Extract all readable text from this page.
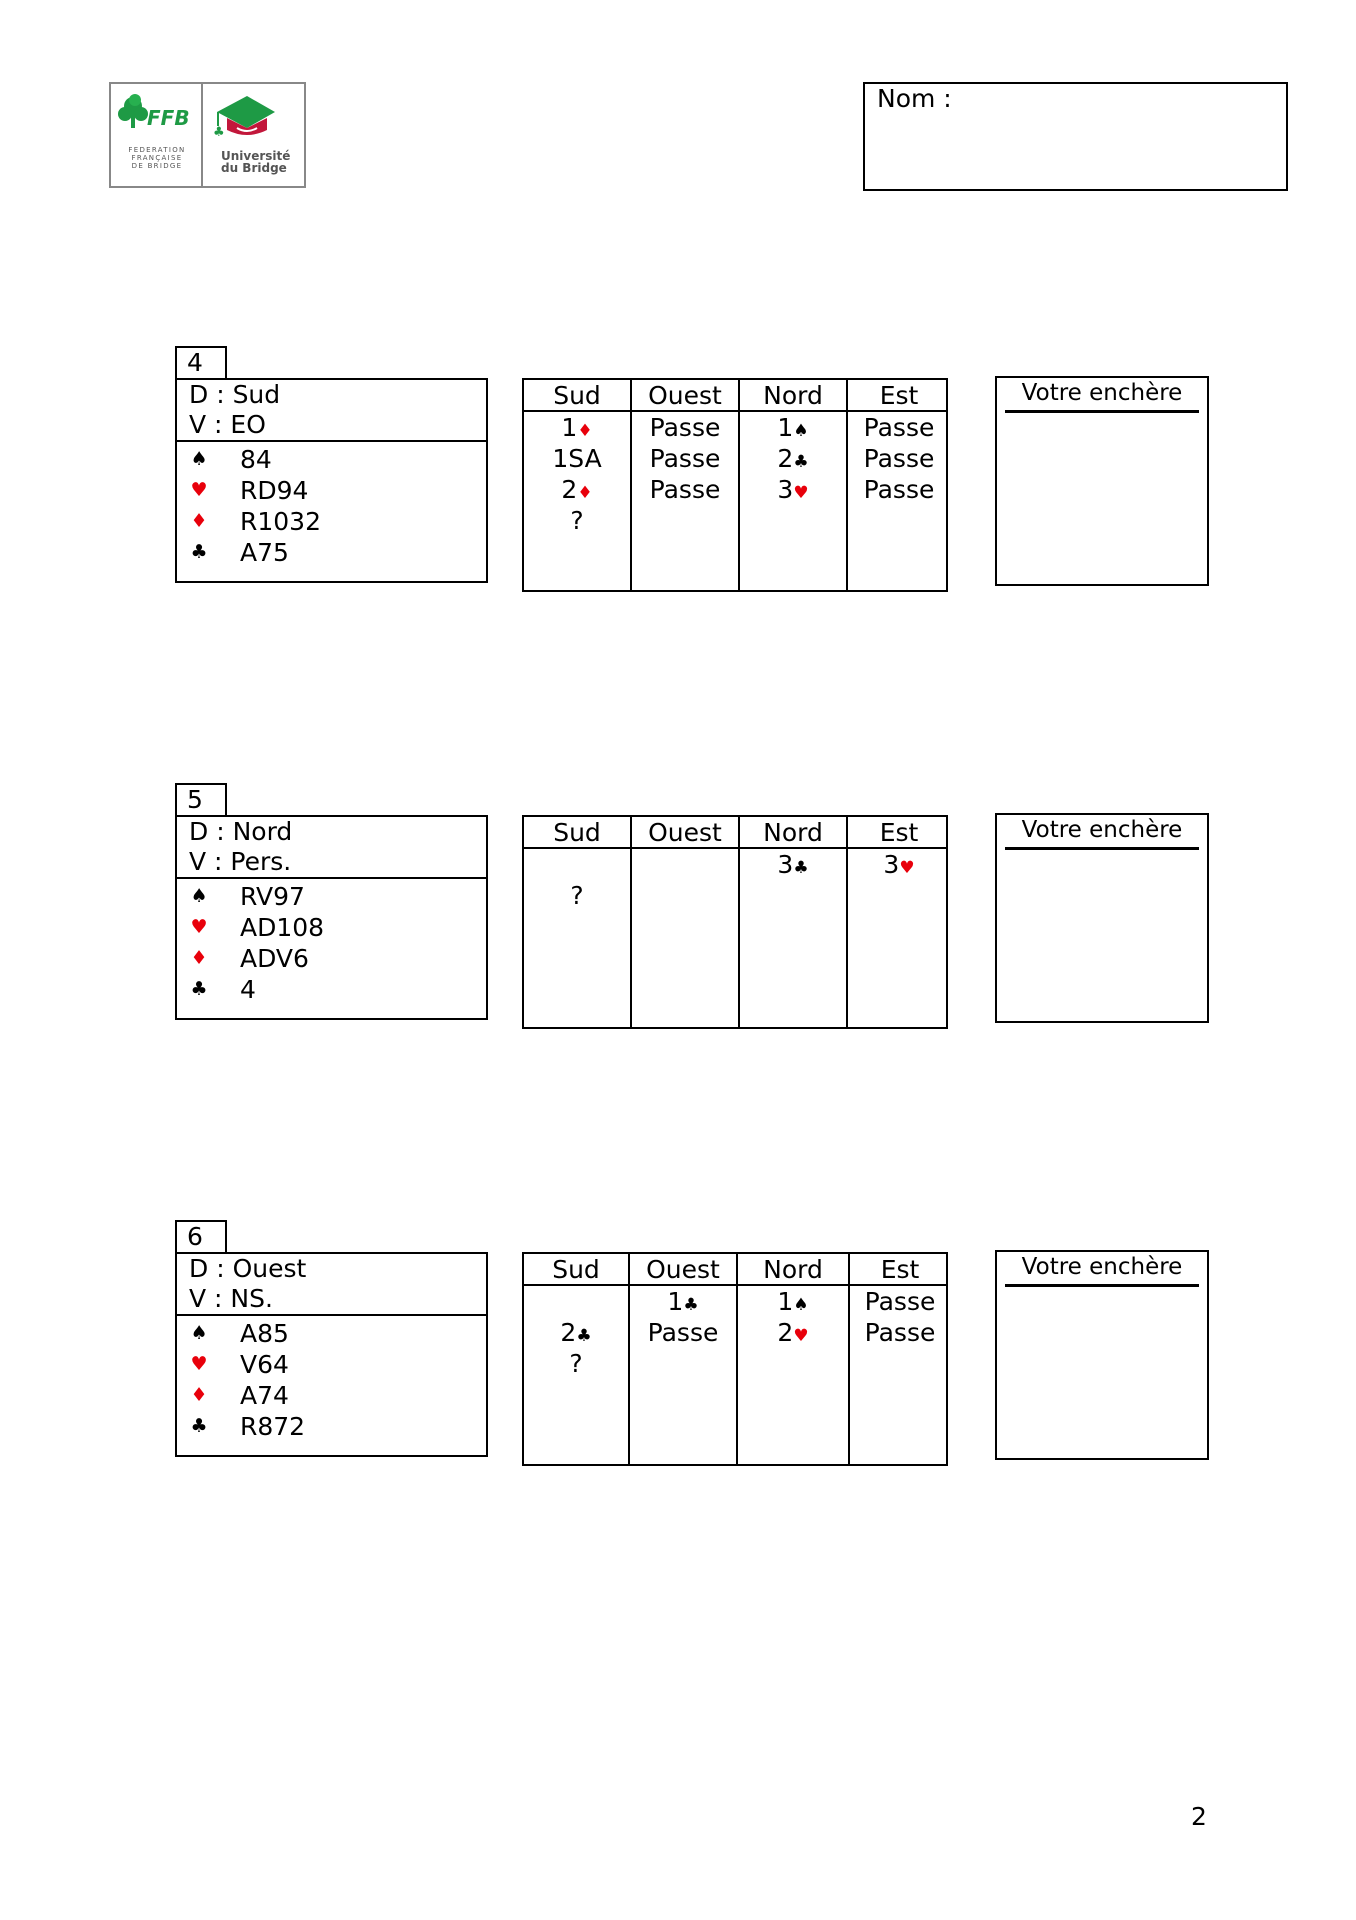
FFB
FEDERATION
FRANÇAISE
DE BRIDGE
♣
Université
du Bridge
Nom :
4
D : Sud
V : EO
♠ 84
♥ RD94
♦ R1032
♣ A75
Sud
1♦
1SA
2♦
?
Ouest
Passe
Passe
Passe
Nord
1♠
2♣
3♥
Est
Passe
Passe
Passe
Votre enchère
5
D : Nord
V : Pers.
♠ RV97
♥ AD108
♦ ADV6
♣ 4
Sud
?
Ouest	Nord
3♣
Est
3♥
Votre enchère
6
D : Ouest
V : NS.
♠ A85
♥ V64
♦ A74
♣ R872
Sud
2♣
?
Ouest
1♣
Passe
Nord
1♠
2♥
Est
Passe
Passe
Votre enchère
2
